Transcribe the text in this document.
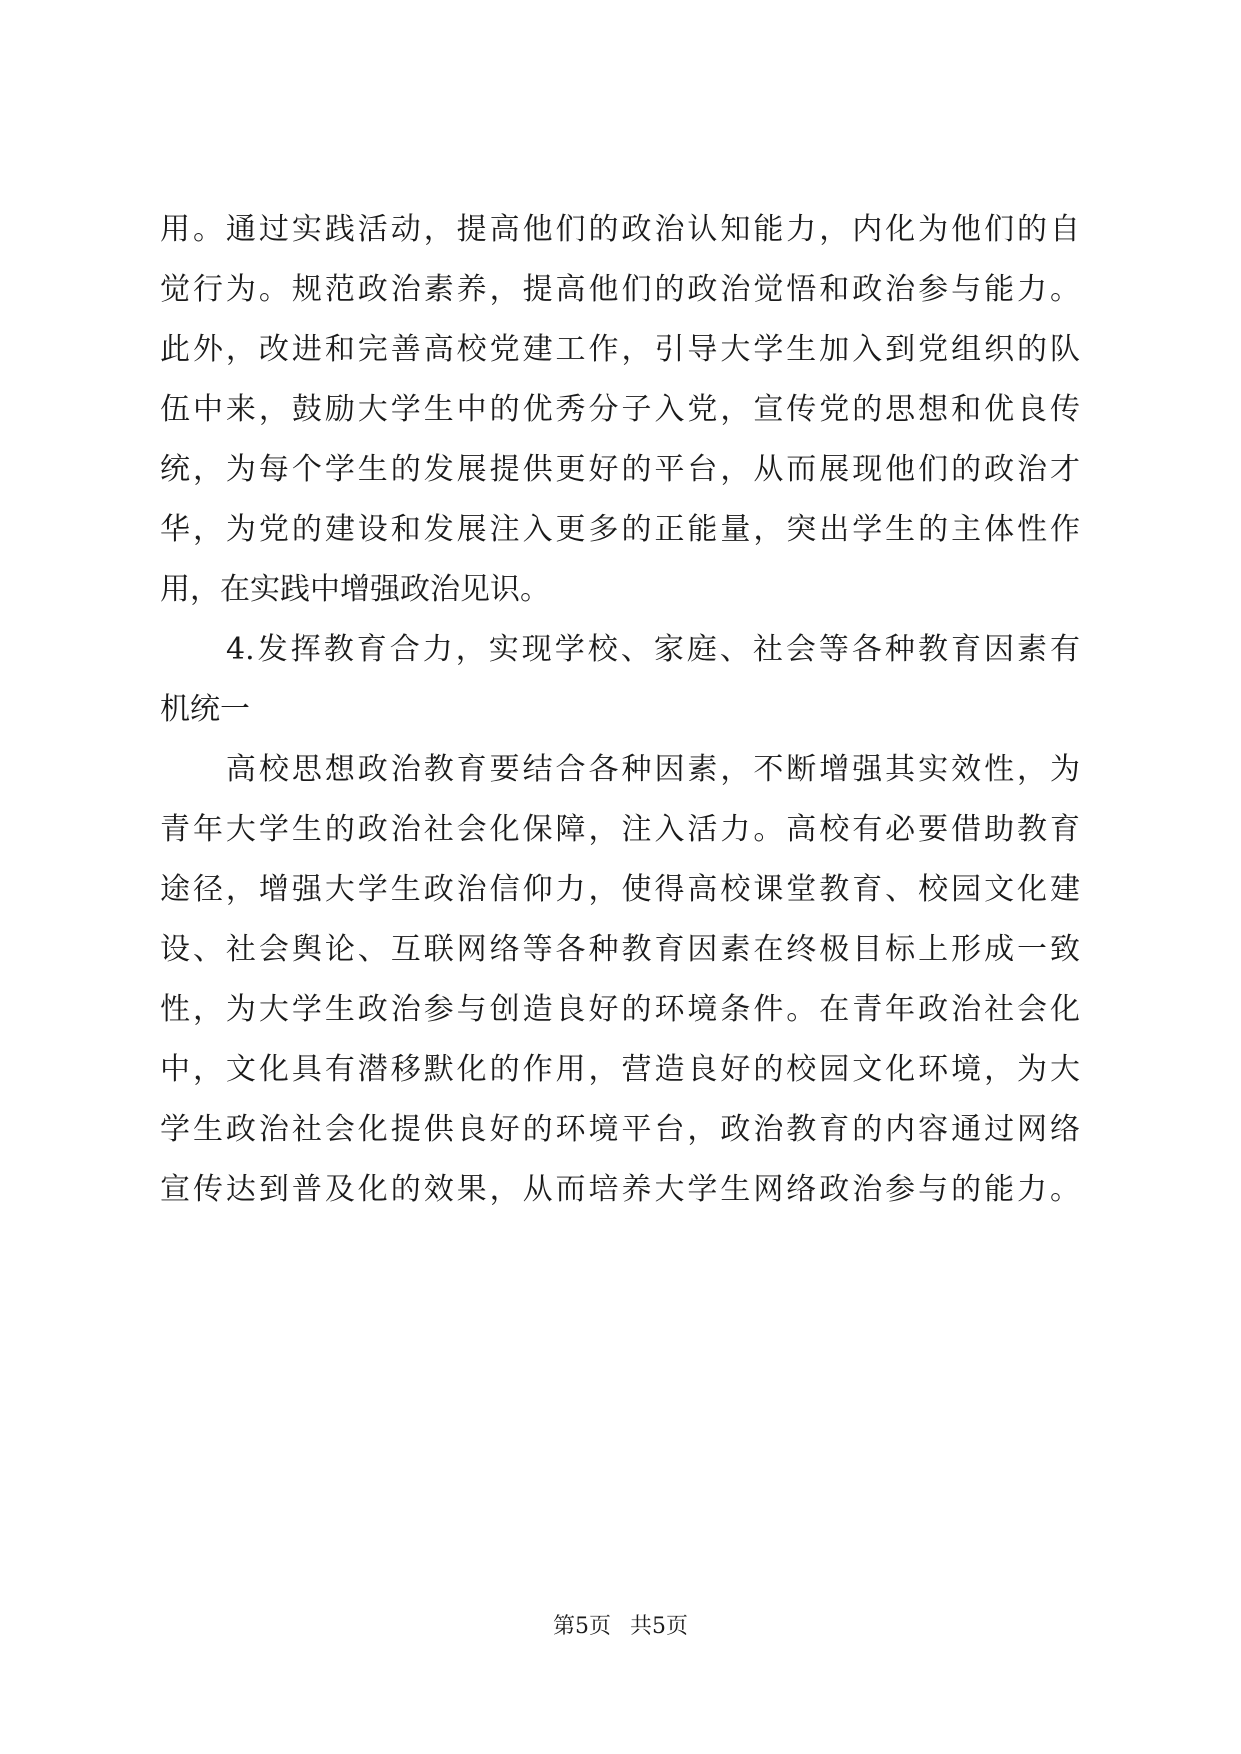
用。通过实践活动，提高他们的政治认知能力，内化为他们的自
觉行为。规范政治素养，提高他们的政治觉悟和政治参与能力。
此外，改进和完善高校党建工作，引导大学生加入到党组织的队
伍中来，鼓励大学生中的优秀分子入党，宣传党的思想和优良传
统，为每个学生的发展提供更好的平台，从而展现他们的政治才
华，为党的建设和发展注入更多的正能量，突出学生的主体性作
用，在实践中增强政治见识。
　　4.发挥教育合力，实现学校、家庭、社会等各种教育因素有
机统一
　　高校思想政治教育要结合各种因素，不断增强其实效性，为
青年大学生的政治社会化保障，注入活力。高校有必要借助教育
途径，增强大学生政治信仰力，使得高校课堂教育、校园文化建
设、社会舆论、互联网络等各种教育因素在终极目标上形成一致
性，为大学生政治参与创造良好的环境条件。在青年政治社会化
中，文化具有潜移默化的作用，营造良好的校园文化环境，为大
学生政治社会化提供良好的环境平台，政治教育的内容通过网络
宣传达到普及化的效果，从而培养大学生网络政治参与的能力。
第5页 共5页
